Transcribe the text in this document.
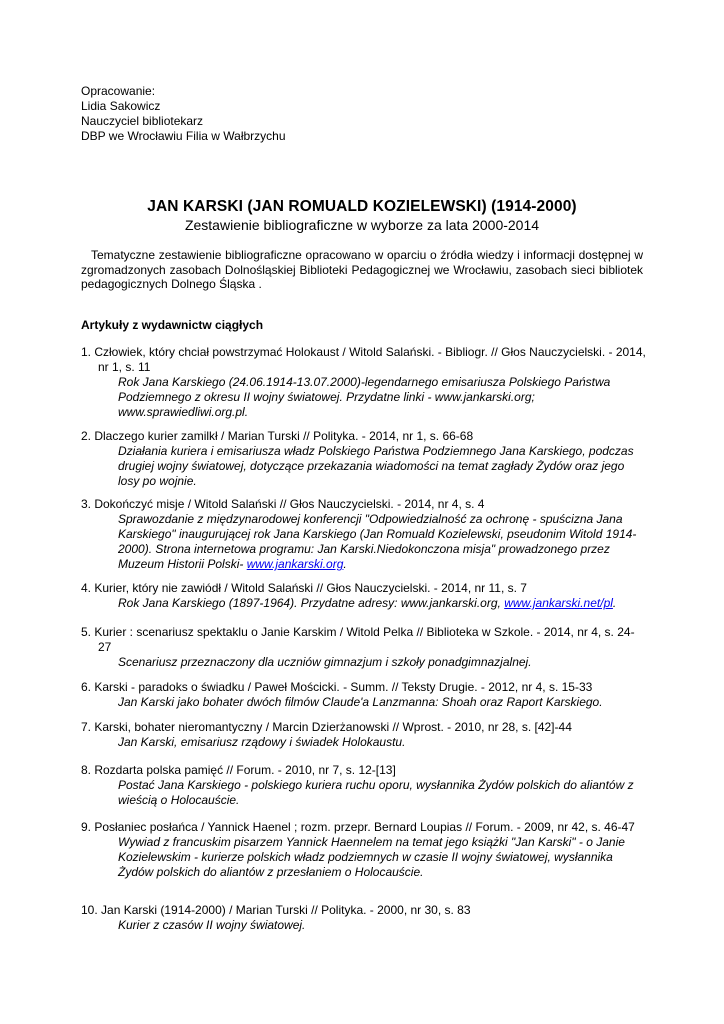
Opracowanie:
Lidia Sakowicz
Nauczyciel bibliotekarz
DBP we Wrocławiu Filia w Wałbrzychu
JAN KARSKI (JAN ROMUALD KOZIELEWSKI) (1914-2000)
Zestawienie bibliograficzne w wyborze za lata 2000-2014
Tematyczne zestawienie bibliograficzne opracowano w oparciu o źródła wiedzy i informacji dostępnej w zgromadzonych zasobach Dolnośląskiej Biblioteki Pedagogicznej we Wrocławiu, zasobach sieci bibliotek pedagogicznych Dolnego Śląska .
Artykuły z wydawnictw ciągłych
1. Człowiek, który chciał powstrzymać Holokaust / Witold Salański. - Bibliogr. // Głos Nauczycielski. - 2014, nr 1, s. 11
Rok Jana Karskiego (24.06.1914-13.07.2000)-legendarnego emisariusza Polskiego Państwa Podziemnego z okresu II wojny światowej. Przydatne linki - www.jankarski.org; www.sprawiedliwi.org.pl.
2. Dlaczego kurier zamilkł / Marian Turski // Polityka. - 2014, nr 1, s. 66-68
Działania kuriera i emisariusza władz Polskiego Państwa Podziemnego Jana Karskiego, podczas drugiej wojny światowej, dotyczące przekazania wiadomości na temat zagłady Żydów oraz jego losy po wojnie.
3. Dokończyć misje / Witold Salański // Głos Nauczycielski. - 2014, nr 4, s. 4
Sprawozdanie z międzynarodowej konferencji "Odpowiedzialność za ochronę - spuścizna Jana Karskiego" inaugurującej rok Jana Karskiego (Jan Romuald Kozielewski, pseudonim Witold 1914-2000). Strona internetowa programu: Jan Karski.Niedokonczona misja" prowadzonego przez Muzeum Historii Polski- www.jankarski.org.
4. Kurier, który nie zawiódł / Witold Salański // Głos Nauczycielski. - 2014, nr 11, s. 7
Rok Jana Karskiego (1897-1964). Przydatne adresy: www.jankarski.org, www.jankarski.net/pl.
5. Kurier : scenariusz spektaklu o Janie Karskim / Witold Pelka // Biblioteka w Szkole. - 2014, nr 4, s. 24-27
Scenariusz przeznaczony dla uczniów gimnazjum i szkoły ponadgimnazjalnej.
6. Karski - paradoks o świadku / Paweł Mościcki. - Summ. // Teksty Drugie. - 2012, nr 4, s. 15-33
Jan Karski jako bohater dwóch filmów Claude'a Lanzmanna: Shoah oraz Raport Karskiego.
7. Karski, bohater nieromantyczny / Marcin Dzierżanowski // Wprost. - 2010, nr 28, s. [42]-44
Jan Karski, emisariusz rządowy i świadek Holokaustu.
8. Rozdarta polska pamięć // Forum. - 2010, nr 7, s. 12-[13]
Postać Jana Karskiego - polskiego kuriera ruchu oporu, wysłannika Żydów polskich do aliantów z wieścią o Holocauście.
9. Posłaniec posłańca / Yannick Haenel ; rozm. przepr. Bernard Loupias // Forum. - 2009, nr 42, s. 46-47
Wywiad z francuskim pisarzem Yannick Haennelem na temat jego książki "Jan Karski" - o Janie Kozielewskim - kurierze polskich władz podziemnych w czasie II wojny światowej, wysłannika Żydów polskich do aliantów z przesłaniem o Holocauście.
10. Jan Karski (1914-2000) / Marian Turski // Polityka. - 2000, nr 30, s. 83
Kurier z czasów II wojny światowej.
